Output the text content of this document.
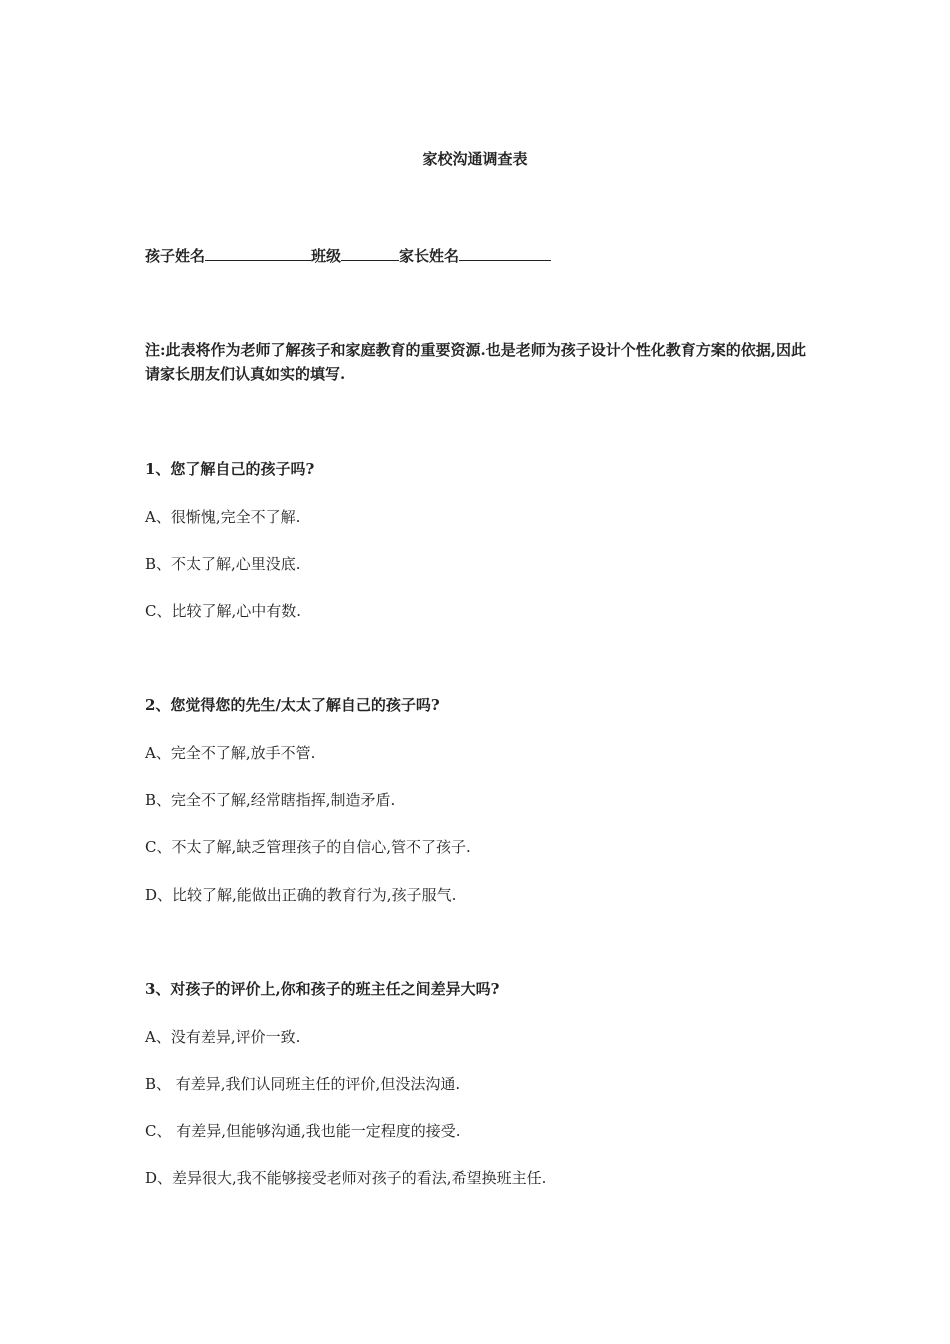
家校沟通调查表
孩子姓名	班级	家长姓名
注:此表将作为老师了解孩子和家庭教育的重要资源.也是老师为孩子设计个性化教育方案的依据,因此请家长朋友们认真如实的填写.
1、您了解自己的孩子吗?
A、很惭愧,完全不了解.
B、不太了解,心里没底.
C、比较了解,心中有数.
2、您觉得您的先生/太太了解自己的孩子吗?
A、完全不了解,放手不管.
B、完全不了解,经常瞎指挥,制造矛盾.
C、不太了解,缺乏管理孩子的自信心,管不了孩子.
D、比较了解,能做出正确的教育行为,孩子服气.
3、对孩子的评价上,你和孩子的班主任之间差异大吗?
A、没有差异,评价一致.
B、 有差异,我们认同班主任的评价,但没法沟通.
C、 有差异,但能够沟通,我也能一定程度的接受.
D、差异很大,我不能够接受老师对孩子的看法,希望换班主任.
